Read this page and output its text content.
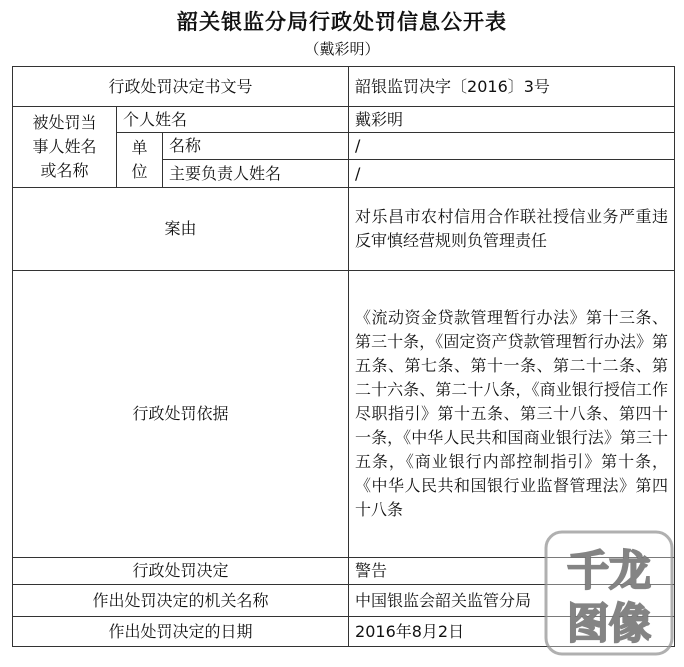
韶关银监分局行政处罚信息公开表
（戴彩明）
行政处罚决定书文号			韶银监罚决字〔2016〕3号

被处罚当
事人姓名
或名称	个人姓名		戴彩明

	单
位	名称	/
		主要负责人姓名	/
案由			对乐昌市农村信用合作联社授信业务严重违反审慎经营规则负管理责任
行政处罚依据			《流动资金贷款管理暂行办法》第十三条、第三十条，《固定资产贷款管理暂行办法》第五条、第七条、第十一条、第二十二条、第二十六条、第二十八条，《商业银行授信工作尽职指引》第十五条、第三十八条、第四十一条，《中华人民共和国商业银行法》第三十五条，《商业银行内部控制指引》第十条，《中华人民共和国银行业监督管理法》第四十八条
行政处罚决定			警告
作出处罚决定的机关名称			中国银监会韶关监管分局
作出处罚决定的日期			2016年8月2日
千龙
图像
